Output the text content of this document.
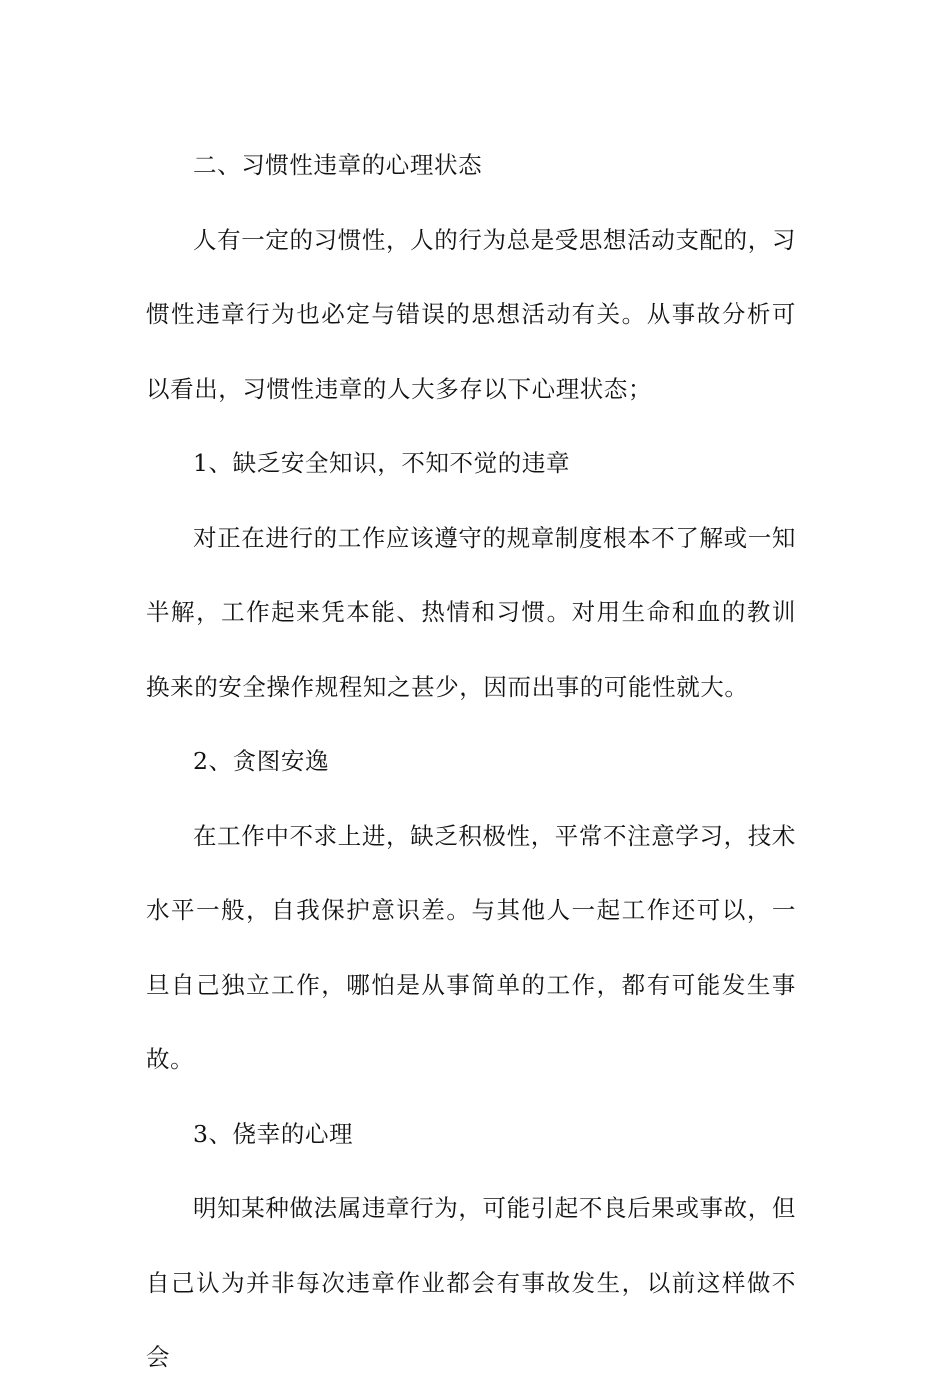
二、习惯性违章的心理状态

人有一定的习惯性，人的行为总是受思想活动支配的，习惯性违章行为也必定与错误的思想活动有关。从事故分析可以看出，习惯性违章的人大多存以下心理状态；

1、缺乏安全知识，不知不觉的违章

对正在进行的工作应该遵守的规章制度根本不了解或一知半解，工作起来凭本能、热情和习惯。对用生命和血的教训换来的安全操作规程知之甚少，因而出事的可能性就大。

2、贪图安逸

在工作中不求上进，缺乏积极性，平常不注意学习，技术水平一般，自我保护意识差。与其他人一起工作还可以，一旦自己独立工作，哪怕是从事简单的工作，都有可能发生事故。

3、侥幸的心理

明知某种做法属违章行为，可能引起不良后果或事故，但自己认为并非每次违章作业都会有事故发生，以前这样做不会
